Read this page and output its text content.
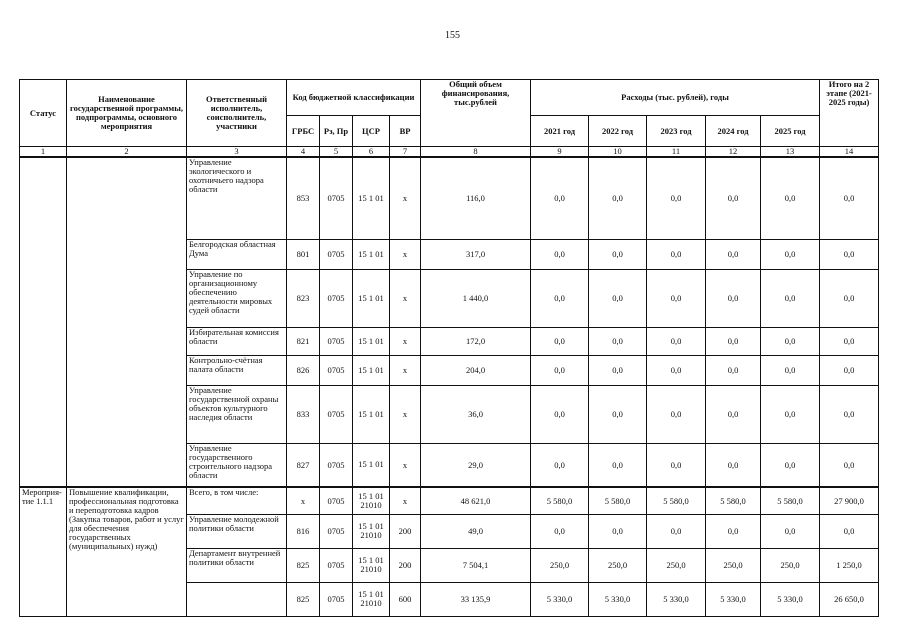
155
Статус	Наименование государственной программы, подпрограммы, основного мероприятия	Ответственный исполнитель, соисполнитель, участники	Код бюджетной классификации				Общий объем финансирования, тыс.рублей	Расходы (тыс. рублей), годы					Итого на 2 этапе (2021-2025 годы)
			ГРБС	Рз, Пр	ЦСР	ВР		2021 год	2022 год	2023 год	2024 год	2025 год	
1	2	3	4	5	6	7	8	9	10	11	12	13	14
		Управление экологического и охотничьего надзора области	853	0705	15 1 01	х	116,0	0,0	0,0	0,0	0,0	0,0	0,0
		Белгородская областная Дума	801	0705	15 1 01	х	317,0	0,0	0,0	0,0	0,0	0,0	0,0
		Управление по организационному обеспечению деятельности мировых судей области	823	0705	15 1 01	х	1 440,0	0,0	0,0	0,0	0,0	0,0	0,0
		Избирательная комиссия области	821	0705	15 1 01	х	172,0	0,0	0,0	0,0	0,0	0,0	0,0
		Контрольно-счётная палата области	826	0705	15 1 01	х	204,0	0,0	0,0	0,0	0,0	0,0	0,0
		Управление государственной охраны объектов культурного наследия области	833	0705	15 1 01	х	36,0	0,0	0,0	0,0	0,0	0,0	0,0
		Управление государственного строительного надзора области	827	0705	15 1 01	х	29,0	0,0	0,0	0,0	0,0	0,0	0,0
Мероприя-тие 1.1.1	Повышение квалификации, профессиональная подготовка и переподготовка кадров (Закупка товаров, работ и услуг для обеспечения государственных (муниципальных) нужд)	Всего, в том числе:	х	0705	15 1 01 21010	х	48 621,0	5 580,0	5 580,0	5 580,0	5 580,0	5 580,0	27 900,0
		Управление молодежной политики области	816	0705	15 1 01 21010	200	49,0	0,0	0,0	0,0	0,0	0,0	0,0
		Департамент внутренней политики области	825	0705	15 1 01 21010	200	7 504,1	250,0	250,0	250,0	250,0	250,0	1 250,0
			825	0705	15 1 01 21010	600	33 135,9	5 330,0	5 330,0	5 330,0	5 330,0	5 330,0	26 650,0
